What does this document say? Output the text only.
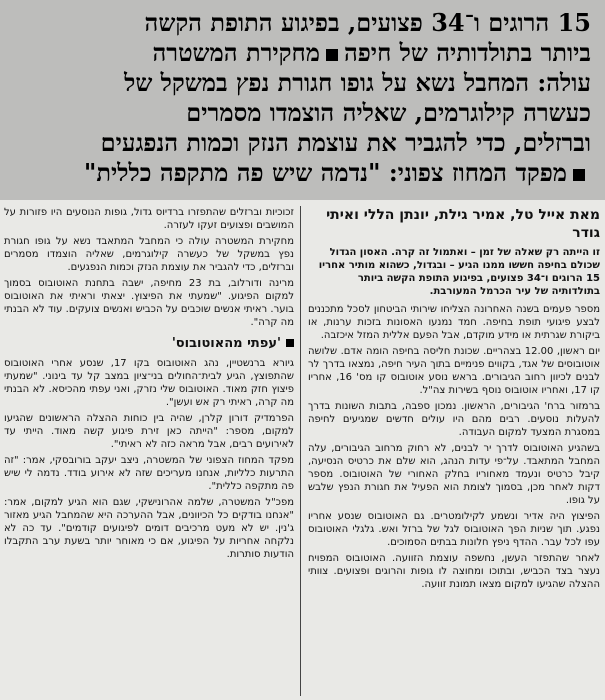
15 הרוגים ו־34 פצועים, בפיגוע התופת הקשה

ביותר בתולדותיה של חיפהמחקירת המשטרה

עולה: המחבל נשא על גופו חגורת נפץ במשקל של

כעשרה קילוגרמים, שאליה הוצמדו מסמרים

וברזלים, כדי להגביר את עוצמת הנזק וכמות הנפגעים

מפקד המחוז צפוני: "נדמה שיש פה מתקפה כללית"

מאת אייל טל, אמיר גילת, יונתן הללי ואיתי גודר
זו הייתה רק שאלה של זמן – ואתמול זה קרה. האסון הגדול שכולם בחיפה חששו ממנו הגיע – ובגדול, כשהוא מותיר אחריו 15 הרוגים ו־34 פצועים, בפיגוע התופת הקשה ביותר בתולדותיה של עיר הכרמל המעורבת.

מספר פעמים בשנה האחרונה הצליחו שירותי הביטחון לסכל מתכננים לבצע פיגועי תופת בחיפה. חמד נמנעו האסונות בזכות ערנות, או ביקורת שגרתית או מידע מוקדם, אבל הפעם אללית המזל איכזבה.

יום ראשון, 12.00 בצהריים. שכונת חליסה בחיפה הומה אדם. שלושה אוטובוסים של אגד, בקווים פנימיים בתוך העיר חיפה, נמצאו בדרך לר לבנים לכיוון רחוב הגיבורים. בראש נוסע אוטובוס קו מס' 16, אחריו קו 17, ואחריו אוטובוס נוסף בשירות צה"ל.

ברמזור ברח' הגיבורים, הראשון. נמכון ספבה, בתבות השונות בדרך להעלות נוסעים. רבים מהם היו עולים חדשים שמגיעים לחיפה במסגרת המצעד למקום העבודה.

בשהגיע האוטובוס לדרך יר לבנים, לא רחוק מרחוב הגיבורים, עלה המחבל המתאבד. על־פי עדות הנהג, הוא שלם את כרטיס הנסיעה, קיבל כרטיס ונעמד מאחוריו בחלק האחורי של האוטובוס. מספר דקות לאחר מכן, בסמוך לצומת הוא הפעיל את חגורת הנפץ שלבש על גופו.

הפיצוץ היה אדיר ונשמע לקילומטרים. גם האוטובוס שנסע אחריו נפגע. תוך שניות הפך האוטובוס לגל של ברזל ואש. גלגלי האוטובוס עפו לכל עבר. ההדף ניפץ חלונות בבתים הסמוכים.

לאחר שהתפזר העשן, נחשפה עוצמת הזוועה. האוטובוס המפויח נעצר בצד הכביש, ובתוכו ומחוצה לו גופות והרוגים ופצועים. צוותי ההצלה שהגיעו למקום מצאו תמונת זוועה.

זכוכיות וברזלים שהתפזרו ברדיוס גדול, גופות הנוסעים היו פזורות על המושבים ופצועים זעקו לעזרה.

מחקירת המשטרה עולה כי המחבל המתאבד נשא על גופו חגורת נפץ במשקל של כעשרה קילוגרמים, שאליה הוצמדו מסמרים וברזלים, כדי להגביר את עוצמת הנזק וכמות הנפגעים.

מרינה ודורלוב, בת 23 מחיפה, ישבה בתחנת האוטובוס בסמוך למקום הפיגוע. "שמעתי את הפיצוץ. יצאתי וראיתי את האוטובוס בוער. ראיתי אנשים שוכבים על הכביש ואנשים צועקים. עוד לא הבנתי מה קרה".

'עפתי מהאוטובוס'

גיורא ברנשטיין, נהג האוטובוס בקו 17, שנסע אחרי האוטובוס שהתפוצץ, הגיע לבית־החולים בני־ציון במצב קל עד בינוני. "שמעתי פיצוץ חזק מאוד. האוטובוס שלי נזרק, ואני עפתי מהכיסא. לא הבנתי מה קרה, ראיתי רק אש ועשן".

הפרמדיק דורון קלרן, שהיה בין כוחות ההצלה הראשונים שהגיעו למקום, מספר: "הייתה כאן זירת פיגוע קשה מאוד. הייתי עד לאירועים רבים, אבל מראה כזה לא ראיתי".

מפקד המחוז הצפוני של המשטרה, ניצב יעקב בורובסקי, אמר: "זה התרעות כלליות, אנחנו מעריכים שזה לא אירוע בודד. נדמה לי שיש פה מתקפה כללית".

מפכ"ל המשטרה, שלמה אהרונישקי, שגם הוא הגיע למקום, אמר: "אנחנו בודקים כל הכיוונים, אבל ההערכה היא שהמחבל הגיע מאזור ג'נין. יש לא מעט מרכיבים דומים לפיגועים קודמים". עד כה לא נלקחה אחריות על הפיגוע, אם כי מאוחר יותר בשעת ערב התקבלו הודעות סותרות.
